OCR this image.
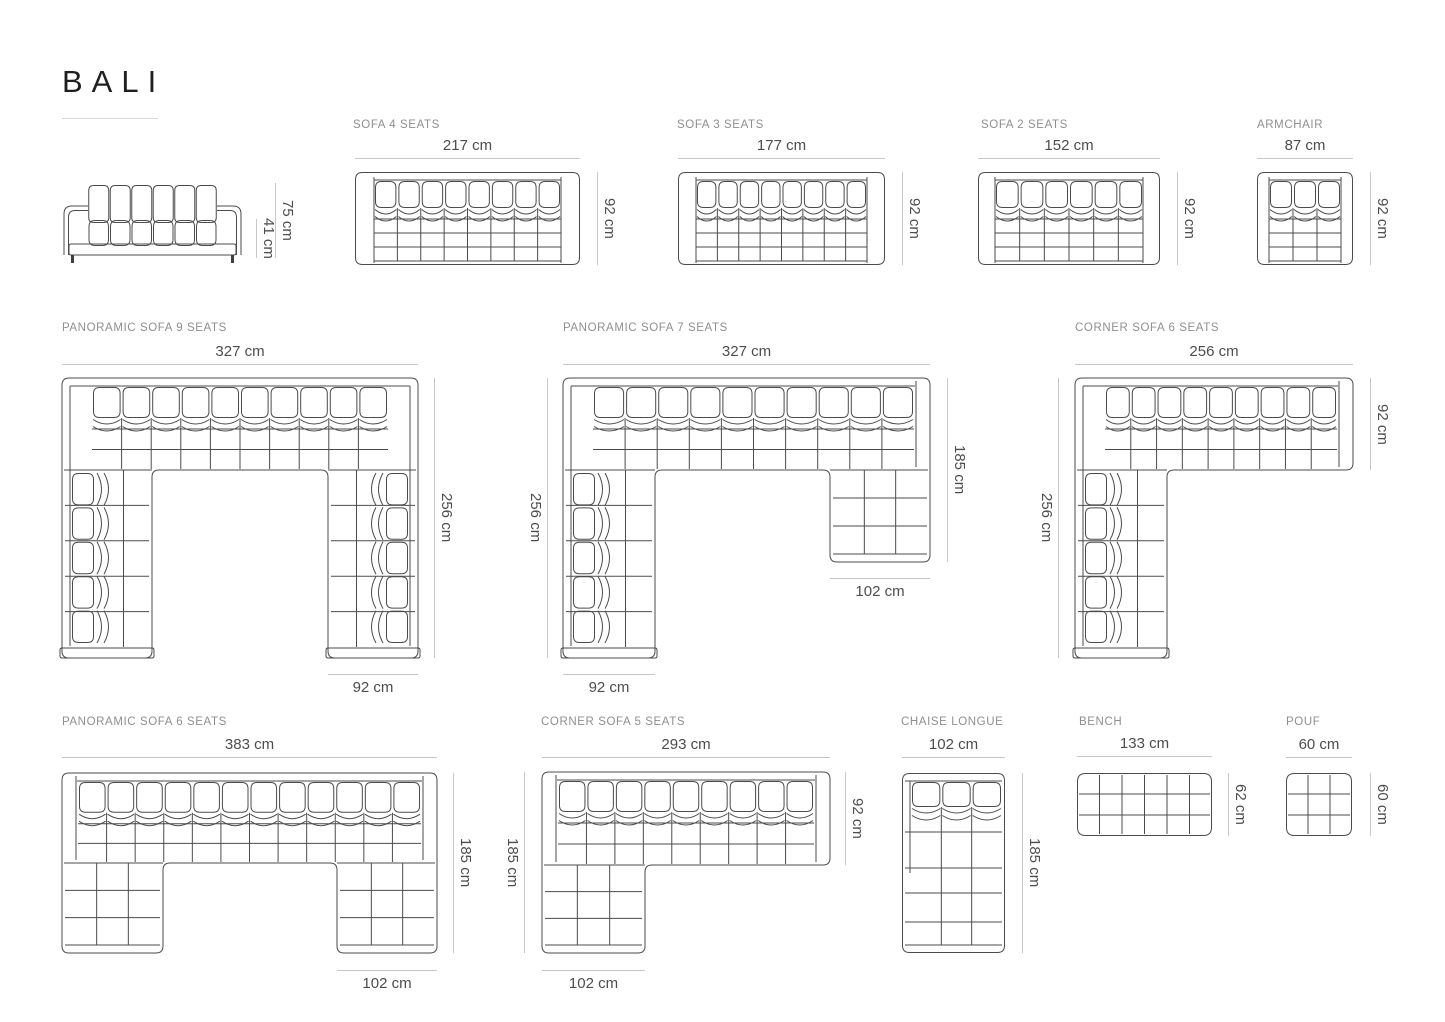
BALI
75 cm
41 cm
SOFA 4 SEATS
217 cm
92 cm
SOFA 3 SEATS
177 cm
92 cm
SOFA 2 SEATS
152 cm
92 cm
ARMCHAIR
87 cm
92 cm
PANORAMIC SOFA 9 SEATS
327 cm
256 cm
92 cm
PANORAMIC SOFA 7 SEATS
327 cm
256 cm
185 cm
102 cm
92 cm
CORNER SOFA 6 SEATS
256 cm
256 cm
92 cm
PANORAMIC SOFA 6 SEATS
383 cm
185 cm
102 cm
CORNER SOFA 5 SEATS
293 cm
185 cm
92 cm
102 cm
CHAISE LONGUE
102 cm
185 cm
BENCH
133 cm
62 cm
POUF
60 cm
60 cm
